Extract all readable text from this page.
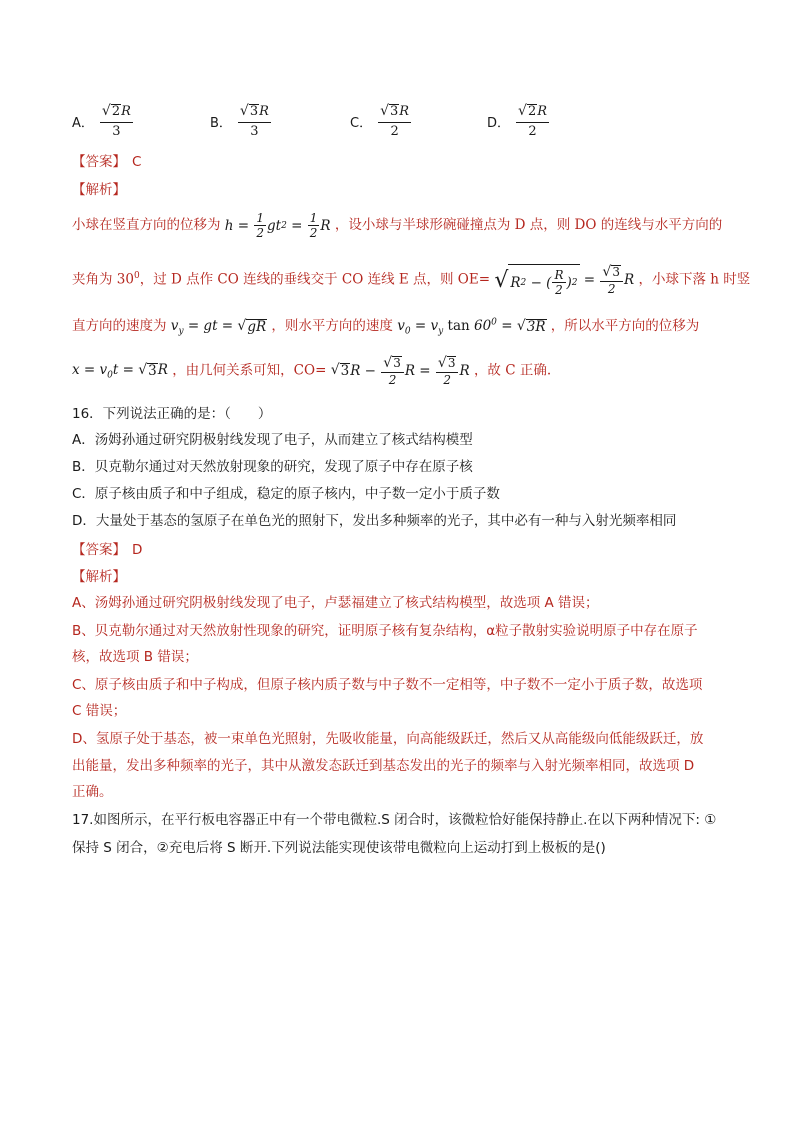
A． $\frac{√ 2 R}{3}$	B． $\frac{√ 3 R}{3}$	C． $\frac{√ 3 R}{2}$	D． $\frac{√ 2 R}{2}$
【答案】 C
【解析】
小球在竖直方向的位移为 $h = \frac{1}{2}$ gt $2 = \frac{1}{2}$ R ，设小球与半球形碗碰撞点为 D 点，则 DO 的连线与水平方向的
夹角为 $30^0$，过 D 点作 CO 连线的垂线交于 CO 连线 E 点，则 OE= √ R 2 − ( $\frac{R}{2}$ ) $2 = \frac{√ 3}{2}$ R ，小球下落 h 时竖
直方向的速度为 $v_y$ = gt = √ gR ，则水平方向的速度 $v_0 = v_y$ $\tan 60^0$ = √ 3R ，所以水平方向的位移为
$x = v_0t$ = √ 3 R ，由几何关系可知，CO= √ 3 $R - \frac{√ 3}{2}$ $R = \frac{√ 3}{2}$ R ，故 C 正确.
16．下列说法正确的是：（　　）
A．汤姆孙通过研究阴极射线发现了电子，从而建立了核式结构模型
B．贝克勒尔通过对天然放射现象的研究，发现了原子中存在原子核
C．原子核由质子和中子组成，稳定的原子核内，中子数一定小于质子数
D．大量处于基态的氢原子在单色光的照射下，发出多种频率的光子，其中必有一种与入射光频率相同
【答案】 D
【解析】
A、汤姆孙通过研究阴极射线发现了电子，卢瑟福建立了核式结构模型，故选项 A 错误；
B、贝克勒尔通过对天然放射性现象的研究，证明原子核有复杂结构，α粒子散射实验说明原子中存在原子
核，故选项 B 错误；
C、原子核由质子和中子构成，但原子核内质子数与中子数不一定相等，中子数不一定小于质子数，故选项
C 错误；
D、氢原子处于基态，被一束单色光照射，先吸收能量，向高能级跃迁，然后又从高能级向低能级跃迁，放
出能量，发出多种频率的光子，其中从激发态跃迁到基态发出的光子的频率与入射光频率相同，故选项 D
正确。
17.如图所示，在平行板电容器正中有一个带电微粒.S 闭合时，该微粒恰好能保持静止.在以下两种情况下: ①
保持 S 闭合，②充电后将 S 断开.下列说法能实现使该带电微粒向上运动打到上极板的是()
